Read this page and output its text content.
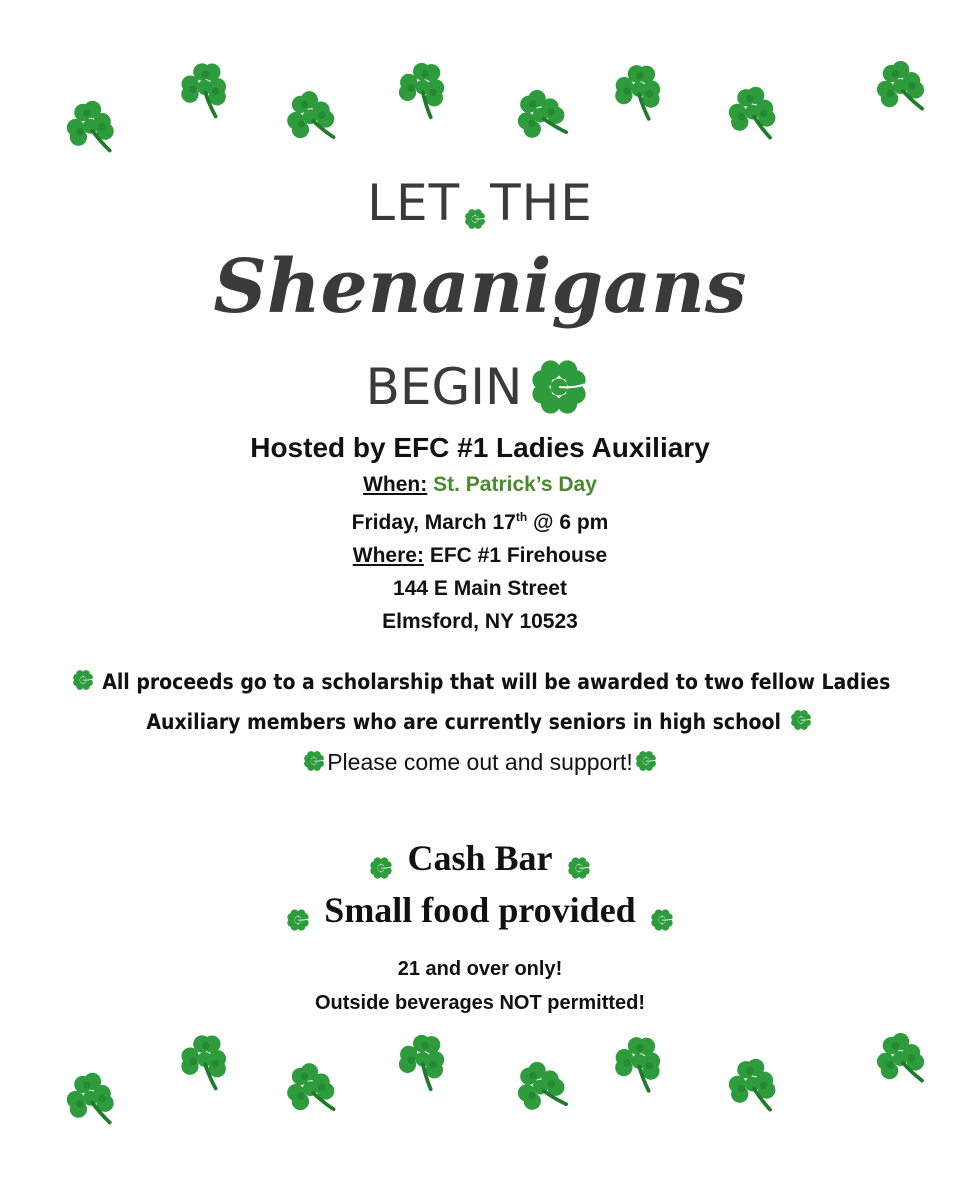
LET THE
Shenanigans
BEGIN
Hosted by EFC #1 Ladies Auxiliary
When: St. Patrick’s Day
Friday, March 17th @ 6 pm
Where: EFC #1 Firehouse
144 E Main Street
Elmsford, NY 10523
All proceeds go to a scholarship that will be awarded to two fellow Ladies
Auxiliary members who are currently seniors in high school
Please come out and support!
Cash Bar
Small food provided
21 and over only!
Outside beverages NOT permitted!
